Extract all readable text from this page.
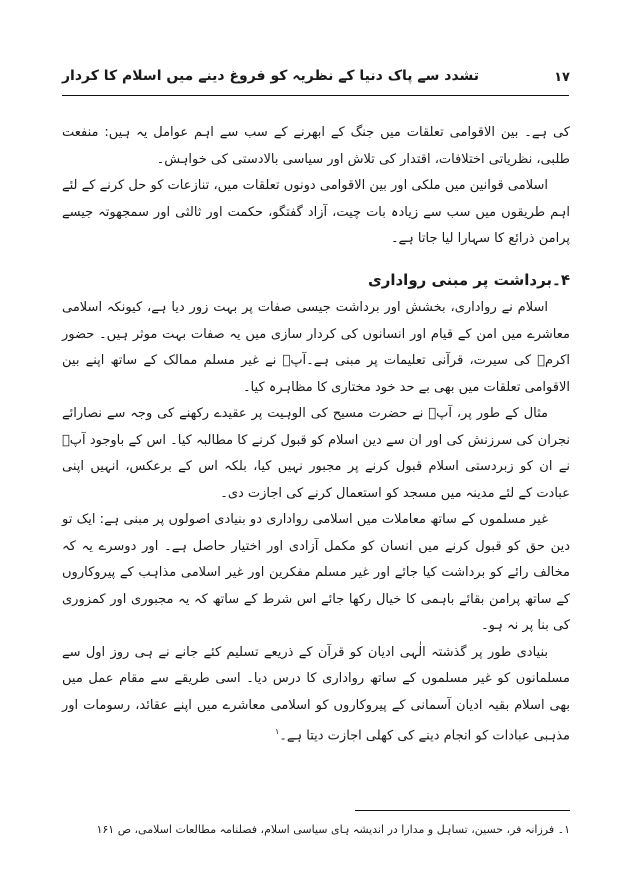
۱۷
تشدد سے پاک دنیا کے نظریہ کو فروغ دینے میں اسلام کا کردار

کی ہے۔ بین الاقوامی تعلقات میں جنگ کے ابھرنے کے سب سے اہم عوامل یہ ہیں: منفعت طلبی، نظریاتی اختلافات، اقتدار کی تلاش اور سیاسی بالادستی کی خواہش۔

اسلامی قوانین میں ملکی اور بین الاقوامی دونوں تعلقات میں، تنازعات کو حل کرنے کے لئے اہم طریقوں میں سب سے زیادہ بات چیت، آزاد گفتگو، حکمت اور ثالثی اور سمجھوتہ جیسے پرامن ذرائع کا سہارا لیا جاتا ہے۔

۴۔برداشت پر مبنی رواداری

اسلام نے رواداری، بخشش اور برداشت جیسی صفات پر بہت زور دیا ہے، کیونکہ اسلامی معاشرے میں امن کے قیام اور انسانوں کی کردار سازی میں یہ صفات بہت موثر ہیں۔ حضور اکرمؐ کی سیرت، قرآنی تعلیمات پر مبنی ہے۔آپؐ نے غیر مسلم ممالک کے ساتھ اپنے بین الاقوامی تعلقات میں بھی بے حد خود مختاری کا مظاہرہ کیا۔

مثال کے طور پر، آپؐ نے حضرت مسیح کی الوہیت پر عقیدے رکھنے کی وجہ سے نصارائے نجران کی سرزنش کی اور ان سے دین اسلام کو قبول کرنے کا مطالبہ کیا۔ اس کے باوجود آپؐ نے ان کو زبردستی اسلام قبول کرنے پر مجبور نہیں کیا، بلکہ اس کے برعکس، انہیں اپنی عبادت کے لئے مدینہ میں مسجد کو استعمال کرنے کی اجازت دی۔

غیر مسلموں کے ساتھ معاملات میں اسلامی رواداری دو بنیادی اصولوں پر مبنی ہے: ایک تو دین حق کو قبول کرنے میں انسان کو مکمل آزادی اور اختیار حاصل ہے۔ اور دوسرے یہ کہ مخالف رائے کو برداشت کیا جائے اور غیر مسلم مفکرین اور غیر اسلامی مذاہب کے پیروکاروں کے ساتھ پرامن بقائے باہمی کا خیال رکھا جائے اس شرط کے ساتھ کہ یہ مجبوری اور کمزوری کی بنا پر نہ ہو۔

بنیادی طور پر گذشتہ الٰہی ادیان کو قرآن کے ذریعے تسلیم کئے جانے نے ہی روز اول سے مسلمانوں کو غیر مسلموں کے ساتھ رواداری کا درس دیا۔ اسی طریقے سے مقام عمل میں بھی اسلام بقیہ ادیان آسمانی کے پیروکاروں کو اسلامی معاشرے میں اپنے عقائد، رسومات اور مذہبی عبادات کو انجام دینے کی کھلی اجازت دیتا ہے۔$^۱$

۱۔ فرزانہ فر، حسین، تساہل و مدارا در اندیشہ ہای سیاسی اسلام، فصلنامہ مطالعات اسلامی، ص ۱۶۱
